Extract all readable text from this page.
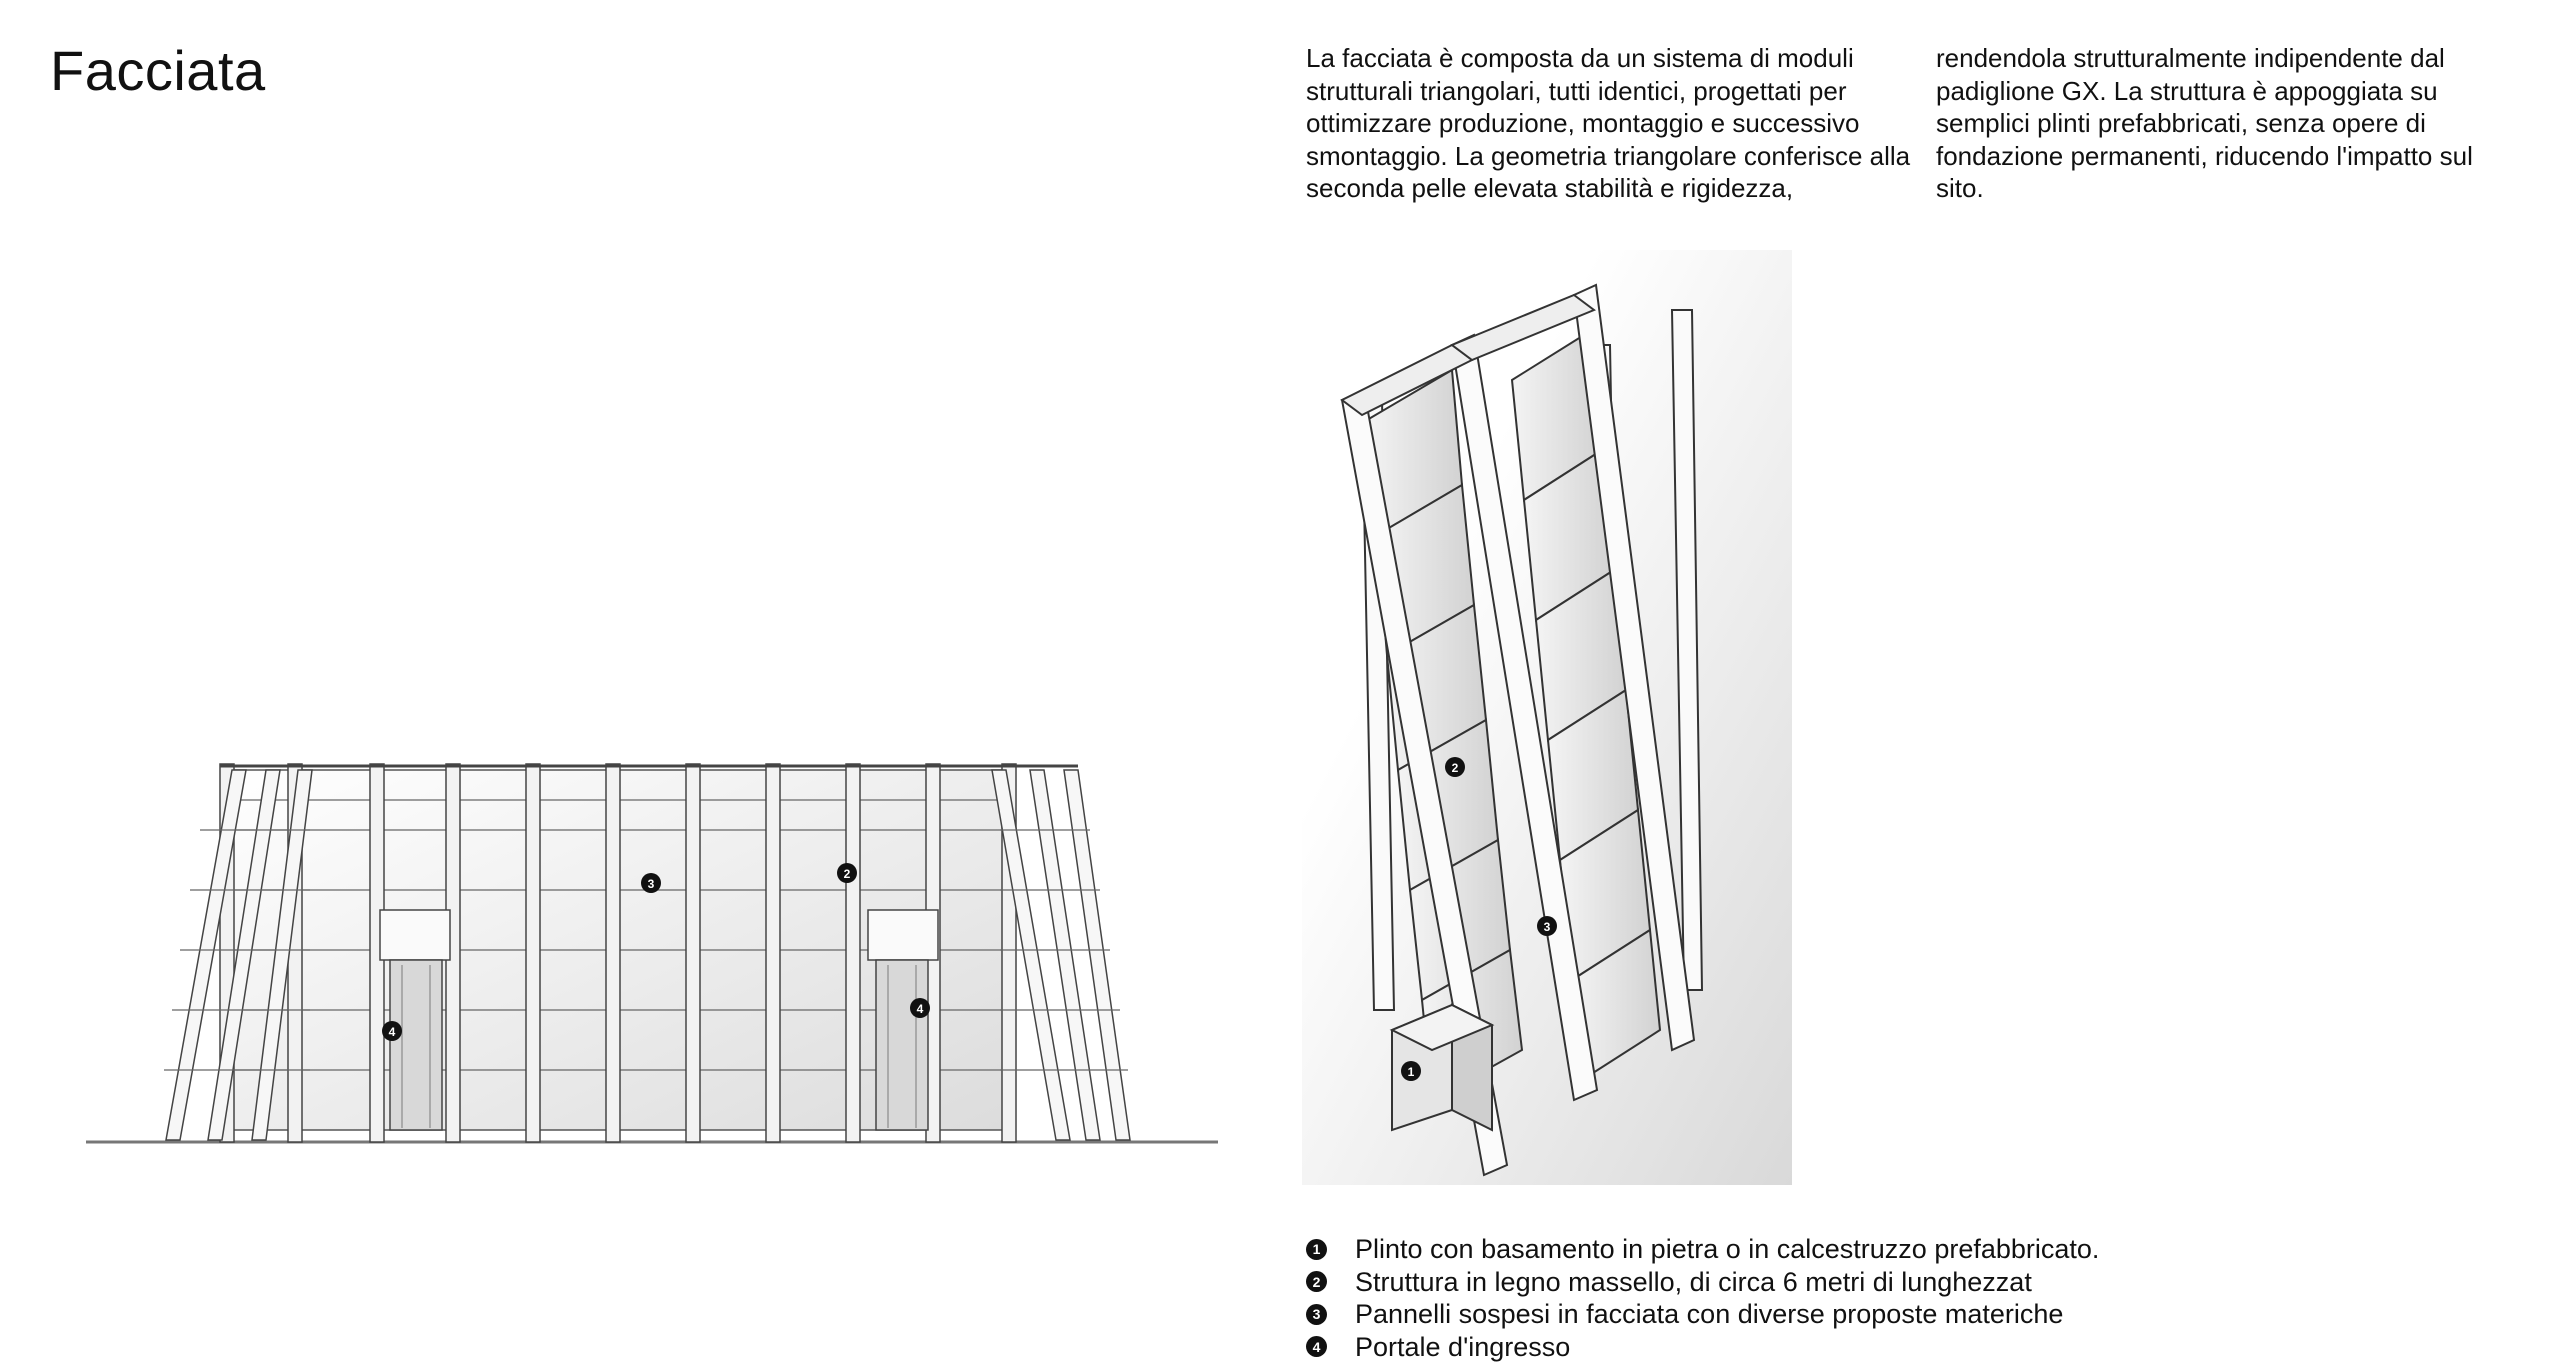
Facciata	La facciata è composta da un sistema di moduli strutturali triangolari, tutti identici, progettati per ottimizzare produzione, montaggio e successivo smontaggio. La geometria triangolare conferisce alla seconda pelle elevata stabilità e rigidezza,

rendendola strutturalmente indipendente dal padiglione GX. La struttura è appoggiata su semplici plinti prefabbricati, senza opere di fondazione permanenti, riducendo l'impatto sul sito.

3
2
4
4
1
2
3
1 Plinto con basamento in pietra o in calcestruzzo prefabbricato.
2 Struttura in legno massello, di circa 6 metri di lunghezzat
3 Pannelli sospesi in facciata con diverse proposte materiche
4 Portale d'ingresso
